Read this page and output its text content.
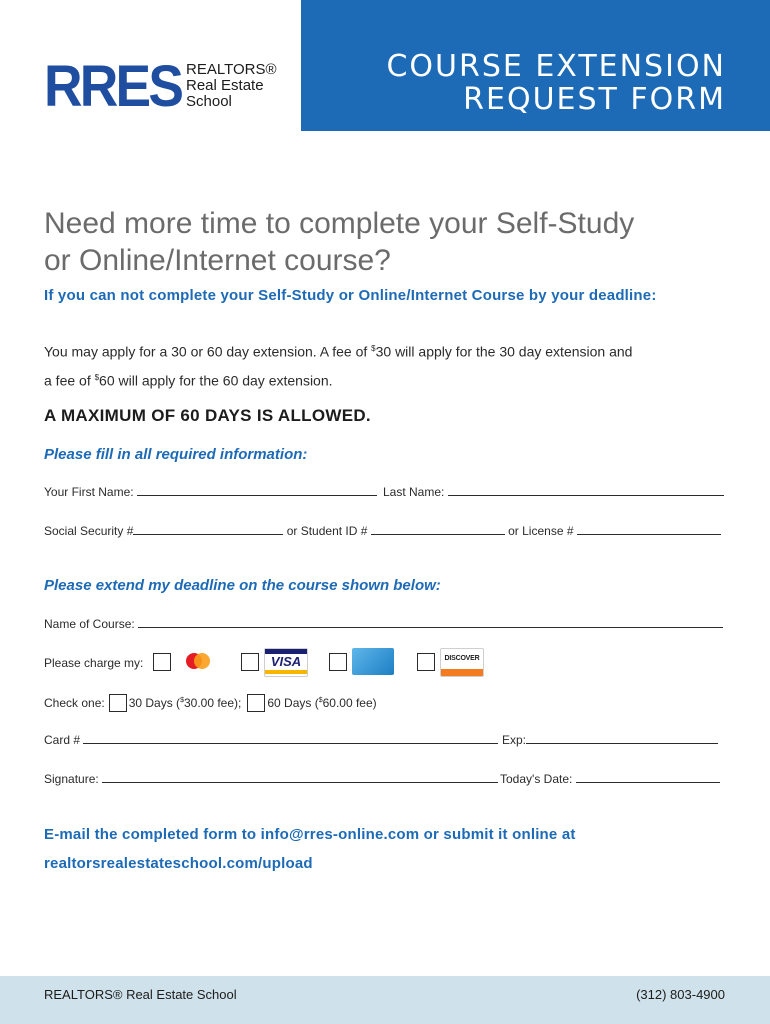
RRES REALTORS®
Real Estate
School
COURSE EXTENSION
REQUEST FORM
Need more time to complete your Self-Study
or Online/Internet course?
If you can not complete your Self-Study or Online/Internet Course by your deadline:
You may apply for a 30 or 60 day extension. A fee of $30 will apply for the 30 day extension and
a fee of $60 will apply for the 60 day extension.
A MAXIMUM OF 60 DAYS IS ALLOWED.
Please fill in all required information:
Your First Name:	Last Name:
Social Security #	or Student ID #	or License #
Please extend my deadline on the course shown below:
Name of Course:
Please charge my:	VISA	DISCOVER
Check one: 30 Days ($30.00 fee); 60 Days ($60.00 fee)
Card #	Exp:
Signature:	Today's Date:
E-mail the completed form to info@rres-online.com or submit it online at
realtorsrealestateschool.com/upload
REALTORS® Real Estate School	(312) 803-4900
